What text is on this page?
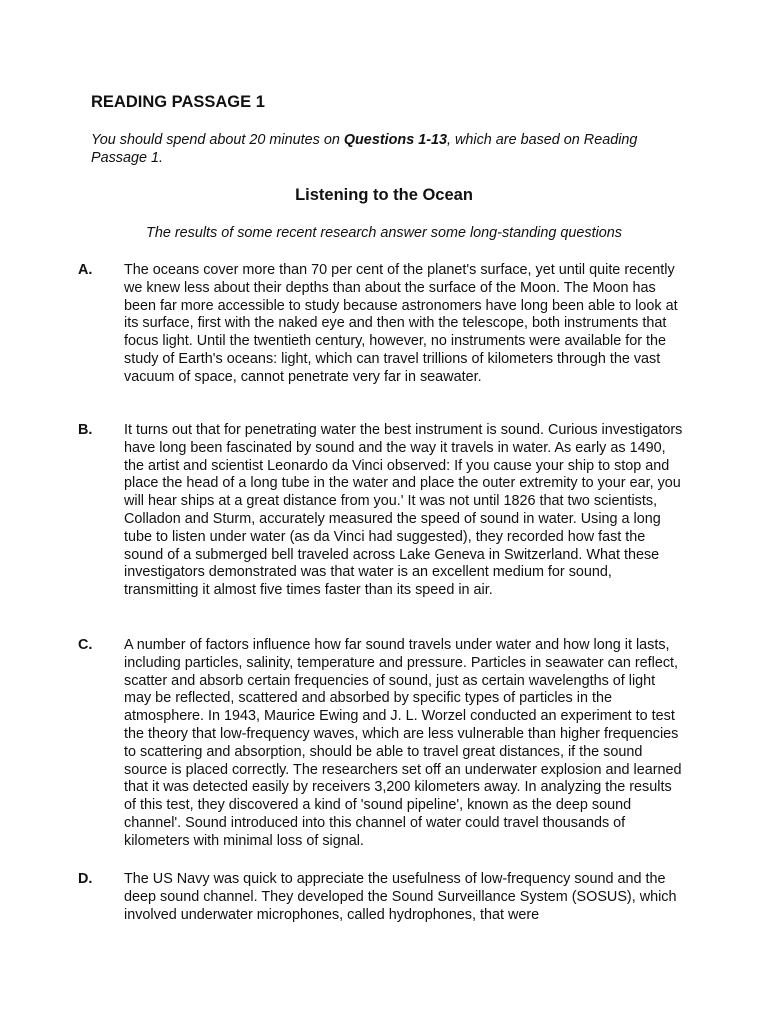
READING PASSAGE 1

You should spend about 20 minutes on Questions 1-13, which are based on Reading Passage 1.

Listening to the Ocean

The results of some recent research answer some long-standing questions

A. The oceans cover more than 70 per cent of the planet's surface, yet until quite recently we knew less about their depths than about the surface of the Moon. The Moon has been far more accessible to study because astronomers have long been able to look at its surface, first with the naked eye and then with the telescope, both instruments that focus light. Until the twentieth century, however, no instruments were available for the study of Earth's oceans: light, which can travel trillions of kilometers through the vast vacuum of space, cannot penetrate very far in seawater.

B. It turns out that for penetrating water the best instrument is sound. Curious investigators have long been fascinated by sound and the way it travels in water. As early as 1490, the artist and scientist Leonardo da Vinci observed: If you cause your ship to stop and place the head of a long tube in the water and place the outer extremity to your ear, you will hear ships at a great distance from you.' It was not until 1826 that two scientists, Colladon and Sturm, accurately measured the speed of sound in water. Using a long tube to listen under water (as da Vinci had suggested), they recorded how fast the sound of a submerged bell traveled across Lake Geneva in Switzerland. What these investigators demonstrated was that water is an excellent medium for sound, transmitting it almost five times faster than its speed in air.

C. A number of factors influence how far sound travels under water and how long it lasts, including particles, salinity, temperature and pressure. Particles in seawater can reflect, scatter and absorb certain frequencies of sound, just as certain wavelengths of light may be reflected, scattered and absorbed by specific types of particles in the atmosphere. In 1943, Maurice Ewing and J. L. Worzel conducted an experiment to test the theory that low-frequency waves, which are less vulnerable than higher frequencies to scattering and absorption, should be able to travel great distances, if the sound source is placed correctly. The researchers set off an underwater explosion and learned that it was detected easily by receivers 3,200 kilometers away. In analyzing the results of this test, they discovered a kind of 'sound pipeline', known as the deep sound channel'. Sound introduced into this channel of water could travel thousands of kilometers with minimal loss of signal.

D. The US Navy was quick to appreciate the usefulness of low-frequency sound and the deep sound channel. They developed the Sound Surveillance System (SOSUS), which involved underwater microphones, called hydrophones, that were
